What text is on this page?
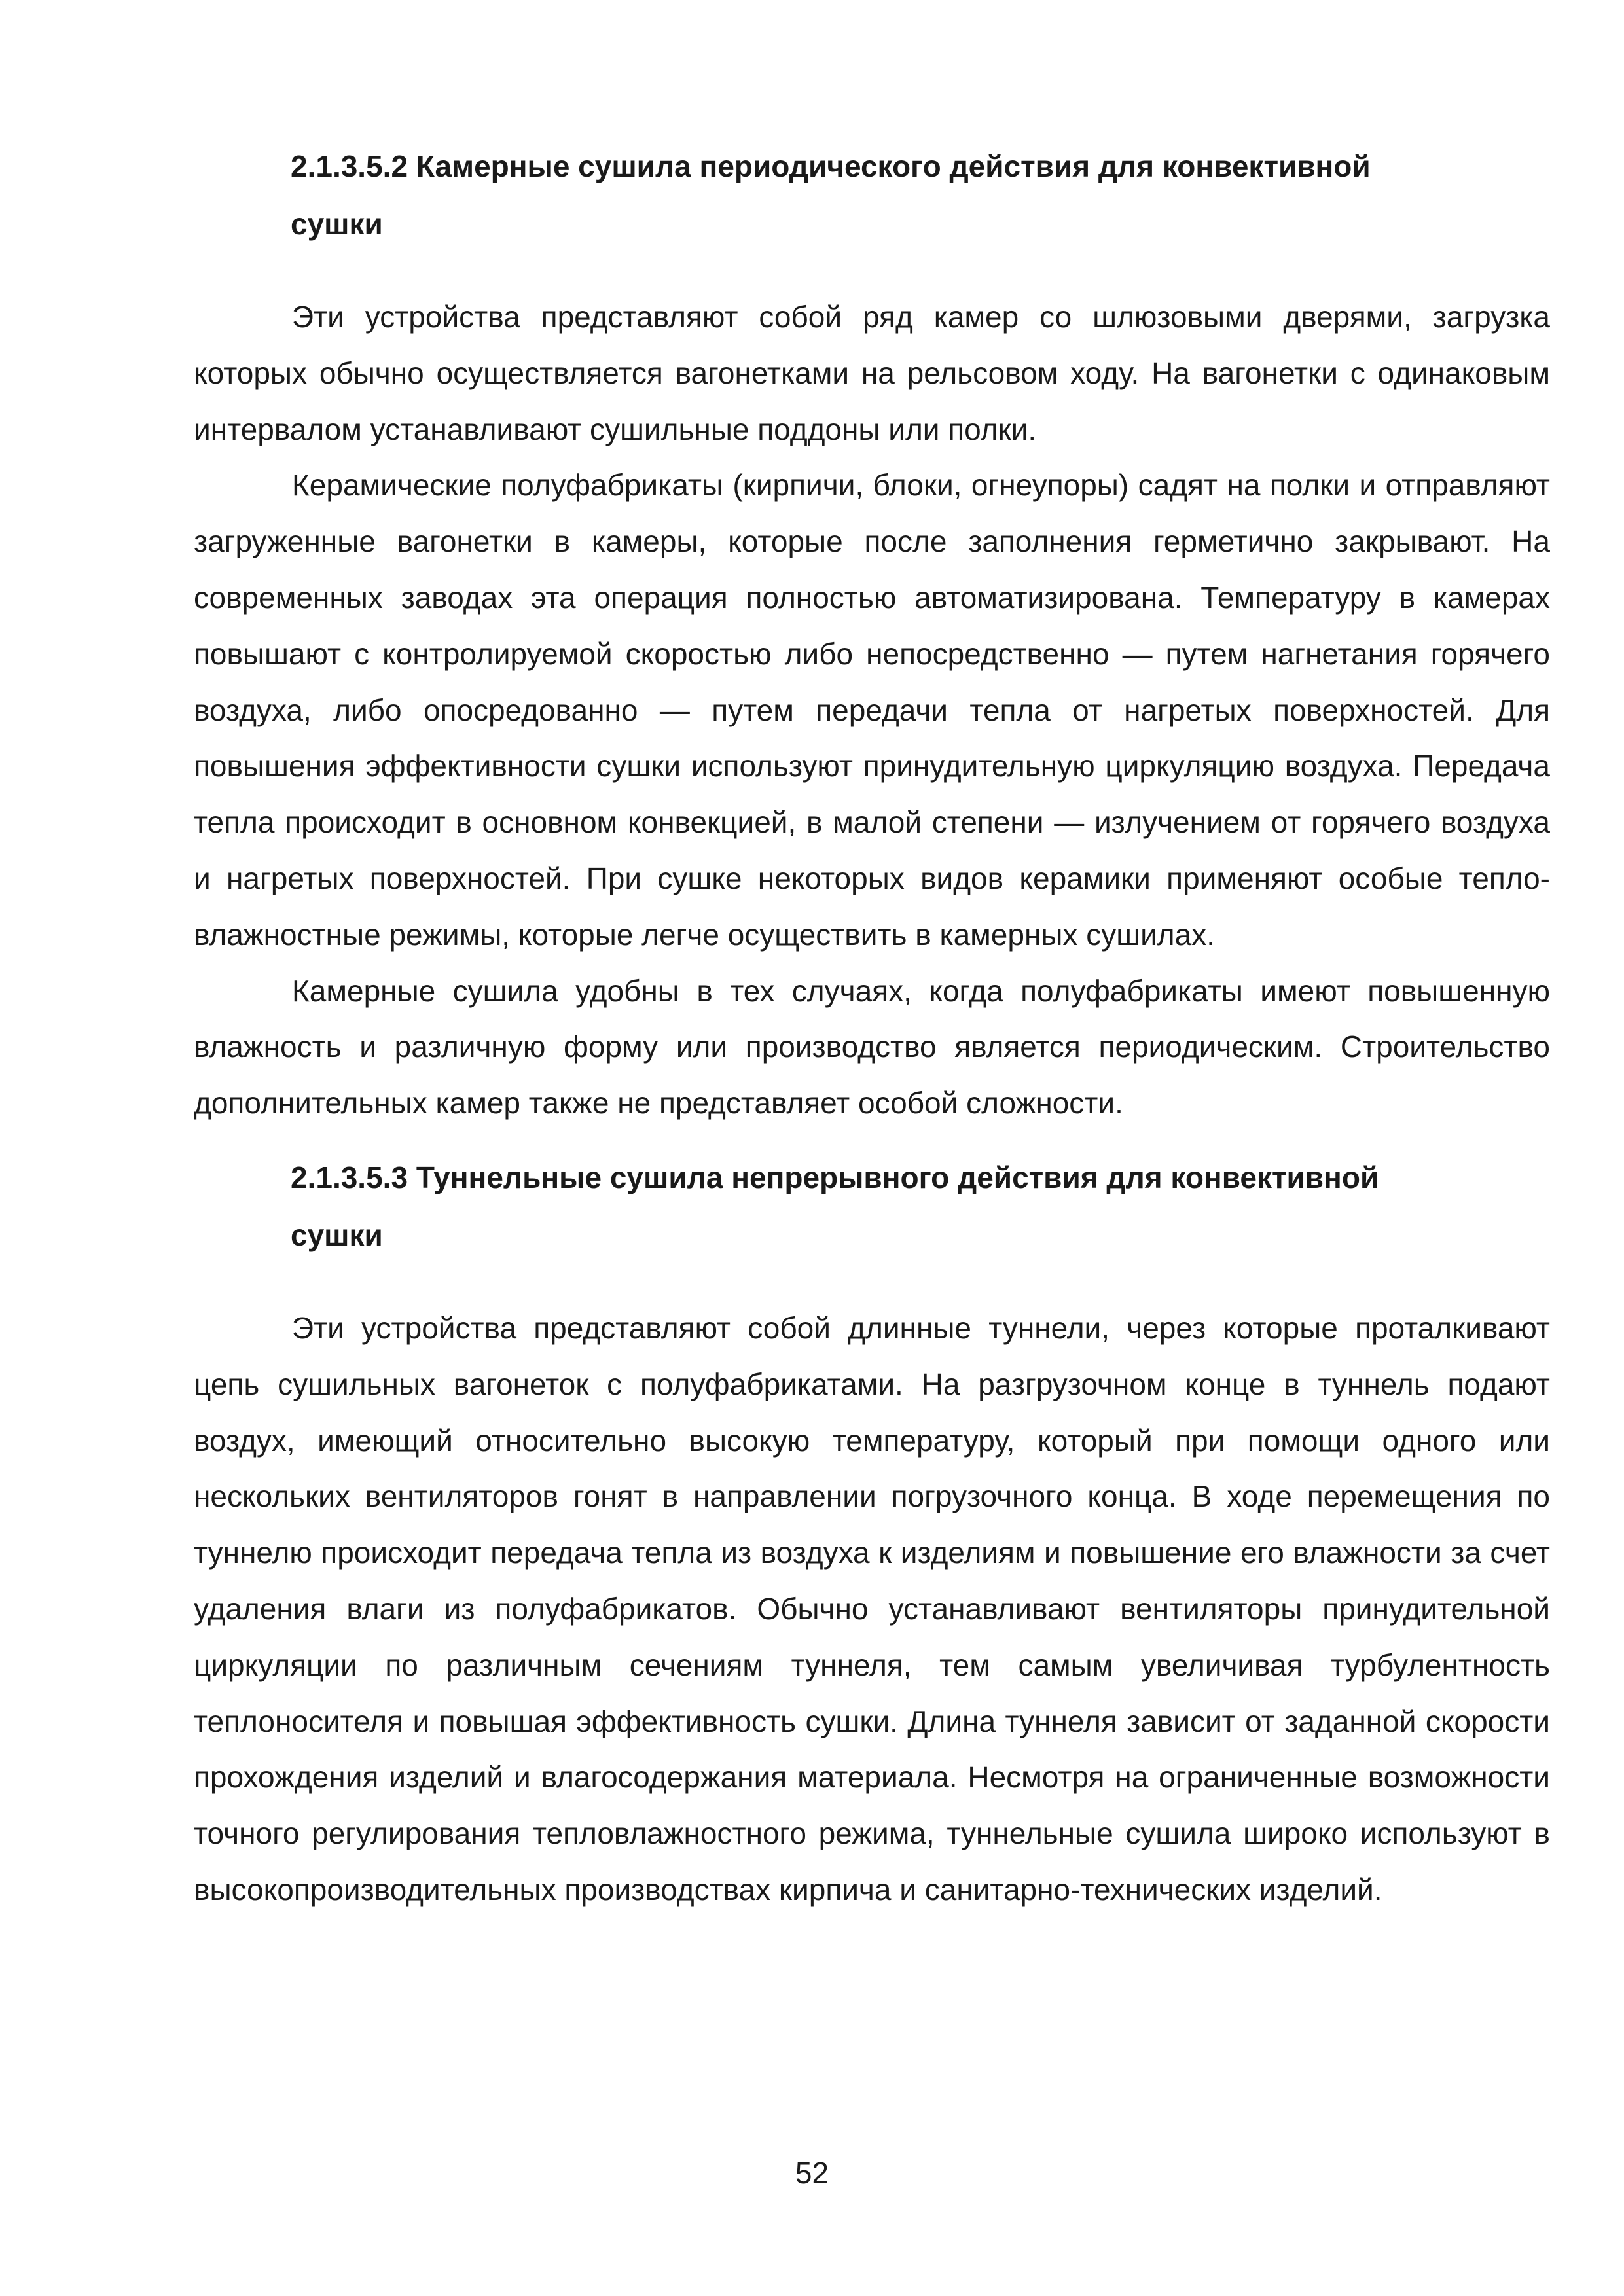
2.1.3.5.2 Камерные сушила периодического действия для конвективной сушки

Эти устройства представляют собой ряд камер со шлюзовыми дверями, загрузка которых обычно осуществляется вагонетками на рельсовом ходу. На вагонетки с одинаковым интервалом устанавливают сушильные поддоны или полки.

Керамические полуфабрикаты (кирпичи, блоки, огнеупоры) садят на полки и отправляют загруженные вагонетки в камеры, которые после заполнения герметично закрывают. На современных заводах эта операция полностью автоматизирована. Температуру в камерах повышают с контролируемой скоростью либо непосредственно — путем нагнетания горячего воздуха, либо опосредованно — путем передачи тепла от нагретых поверхностей. Для повышения эффективности сушки используют принудительную циркуляцию воздуха. Передача тепла происходит в основном конвекцией, в малой степени — излучением от горячего воздуха и нагретых поверхностей. При сушке некоторых видов керамики применяют особые тепло-влажностные режимы, которые легче осуществить в камерных сушилах.

Камерные сушила удобны в тех случаях, когда полуфабрикаты имеют повышенную влажность и различную форму или производство является периодическим. Строительство дополнительных камер также не представляет особой сложности.

2.1.3.5.3 Туннельные сушила непрерывного действия для конвективной сушки

Эти устройства представляют собой длинные туннели, через которые проталкивают цепь сушильных вагонеток с полуфабрикатами. На разгрузочном конце в туннель подают воздух, имеющий относительно высокую температуру, который при помощи одного или нескольких вентиляторов гонят в направлении погрузочного конца. В ходе перемещения по туннелю происходит передача тепла из воздуха к изделиям и повышение его влажности за счет удаления влаги из полуфабрикатов. Обычно устанавливают вентиляторы принудительной циркуляции по различным сечениям туннеля, тем самым увеличивая турбулентность теплоносителя и повышая эффективность сушки. Длина туннеля зависит от заданной скорости прохождения изделий и влагосодержания материала. Несмотря на ограниченные возможности точного регулирования тепловлажностного режима, туннельные сушила широко используют в высокопроизводительных производствах кирпича и санитарно-технических изделий.

52
